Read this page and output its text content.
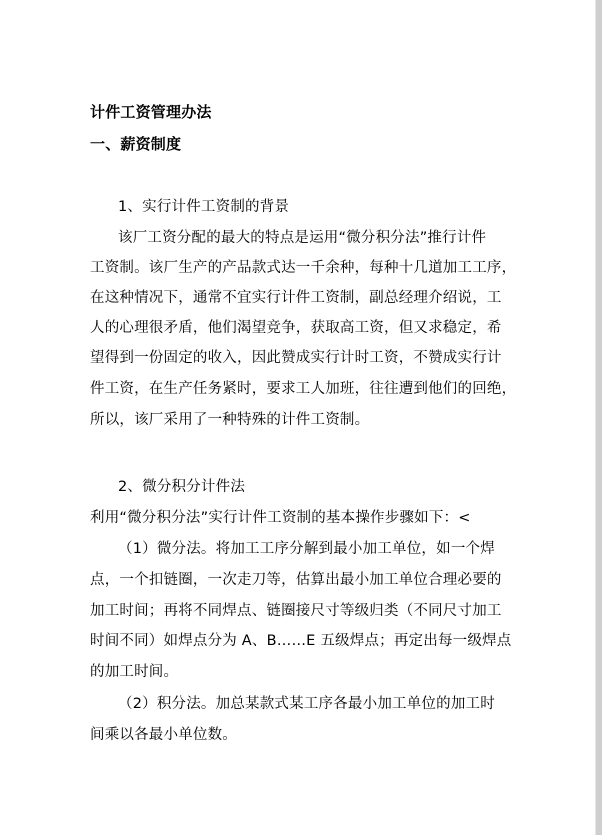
计件工资管理办法
一、薪资制度
1、实行计件工资制的背景
该厂工资分配的最大的特点是运用“微分积分法”推行计件
工资制。该厂生产的产品款式达一千余种，每种十几道加工工序，
在这种情况下，通常不宜实行计件工资制，副总经理介绍说，工
人的心理很矛盾，他们渴望竞争，获取高工资，但又求稳定，希
望得到一份固定的收入，因此赞成实行计时工资，不赞成实行计
件工资，在生产任务紧时，要求工人加班，往往遭到他们的回绝，
所以，该厂采用了一种特殊的计件工资制。
2、微分积分计件法
利用“微分积分法”实行计件工资制的基本操作步骤如下：<
（1）微分法。将加工工序分解到最小加工单位，如一个焊
点，一个扣链圈，一次走刀等，估算出最小加工单位合理必要的
加工时间；再将不同焊点、链圈接尺寸等级归类（不同尺寸加工
时间不同）如焊点分为 A、B……E 五级焊点；再定出每一级焊点
的加工时间。
（2）积分法。加总某款式某工序各最小加工单位的加工时
间乘以各最小单位数。
